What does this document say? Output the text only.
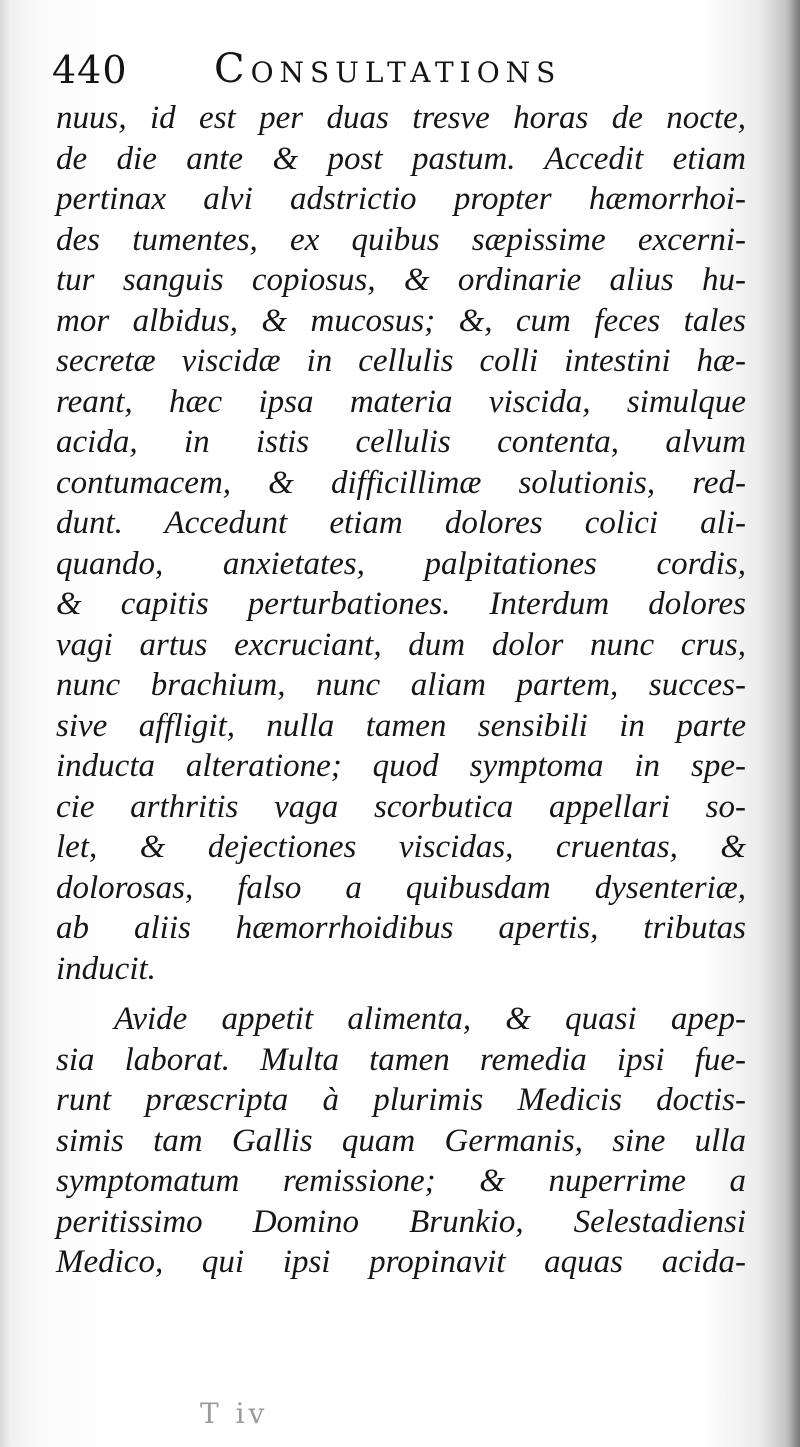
440 Consultations
nuus, id est per duas tresve horas de nocte,
de die ante & post pastum. Accedit etiam
pertinax alvi adstrictio propter hæmorrhoi-
des tumentes, ex quibus sæpissime excerni-
tur sanguis copiosus, & ordinarie alius hu-
mor albidus, & mucosus; &, cum feces tales
secretæ viscidæ in cellulis colli intestini hæ-
reant, hæc ipsa materia viscida, simulque
acida, in istis cellulis contenta, alvum
contumacem, & difficillimæ solutionis, red-
dunt. Accedunt etiam dolores colici ali-
quando, anxietates, palpitationes cordis,
& capitis perturbationes. Interdum dolores
vagi artus excruciant, dum dolor nunc crus,
nunc brachium, nunc aliam partem, succes-
sive affligit, nulla tamen sensibili in parte
inducta alteratione; quod symptoma in spe-
cie arthritis vaga scorbutica appellari so-
let, & dejectiones viscidas, cruentas, &
dolorosas, falso a quibusdam dysenteriæ,
ab aliis hæmorrhoidibus apertis, tributas
inducit.
Avide appetit alimenta, & quasi apep-
sia laborat. Multa tamen remedia ipsi fue-
runt præscripta à plurimis Medicis doctis-
simis tam Gallis quam Germanis, sine ulla
symptomatum remissione; & nuperrime a
peritissimo Domino Brunkio, Selestadiensi
Medico, qui ipsi propinavit aquas acida-
T iv
